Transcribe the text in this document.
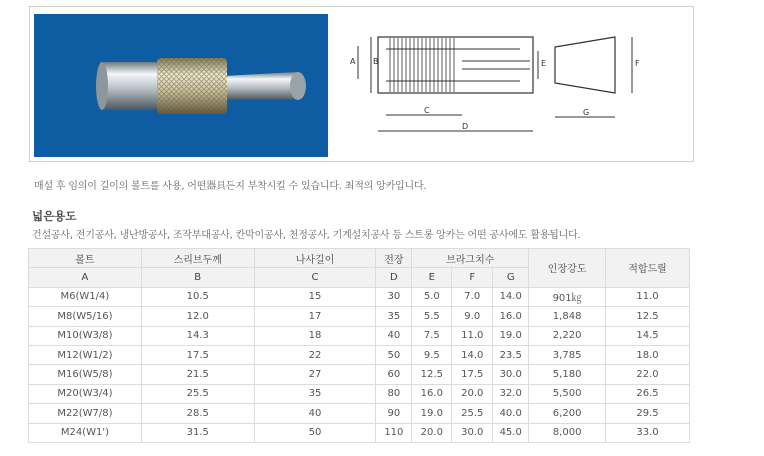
A B	E
C
D
F
G
매설 후 임의이 길이의 볼트를 사용, 어떤器具든지 부착시킬 수 있습니다. 최적의 앙카입니다.
넓은용도
건설공사, 전기공사, 냉난방공사, 조작부대공사, 칸막이공사, 천정공사, 기계설치공사 등 스트롱 앙카는 어떤 공사에도 활용됩니다.
볼트	스리브두께	나사길이	전장	브라그치수			인장강도	적합드릴
A	B	C	D	E	F	G		
M6(W1/4)	10.5	15	30	5.0	7.0	14.0	901㎏	11.0
M8(W5/16)	12.0	17	35	5.5	9.0	16.0	1,848	12.5
M10(W3/8)	14.3	18	40	7.5	11.0	19.0	2,220	14.5
M12(W1/2)	17.5	22	50	9.5	14.0	23.5	3,785	18.0
M16(W5/8)	21.5	27	60	12.5	17.5	30.0	5,180	22.0
M20(W3/4)	25.5	35	80	16.0	20.0	32.0	5,500	26.5
M22(W7/8)	28.5	40	90	19.0	25.5	40.0	6,200	29.5
M24(W1')	31.5	50	110	20.0	30.0	45.0	8,000	33.0
